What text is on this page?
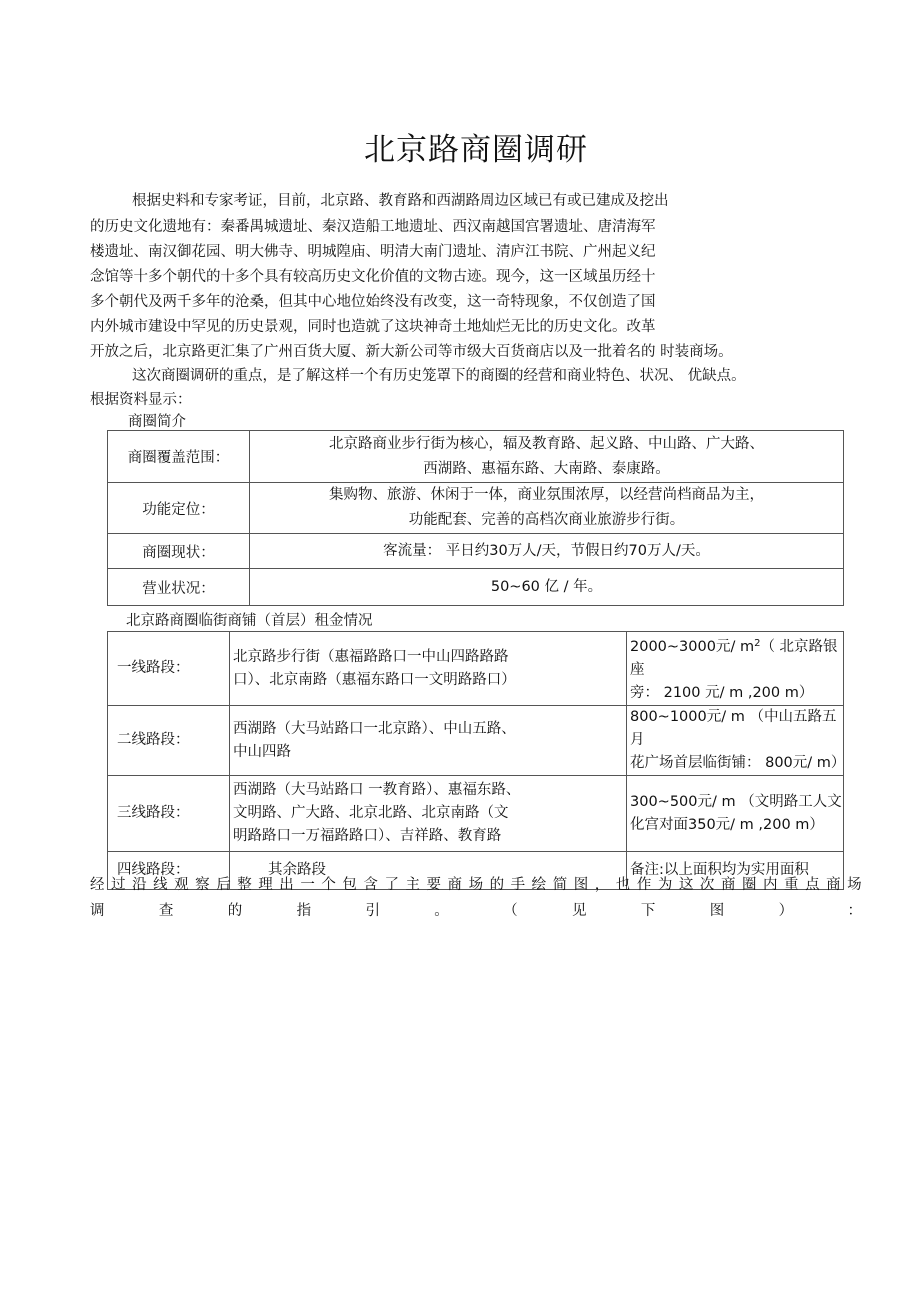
北京路商圈调研

根据史料和专家考证，目前，北京路、教育路和西湖路周边区域已有或已建成及挖出

的历史文化遗地有：秦番禺城遗址、秦汉造船工地遗址、西汉南越国宫署遗址、唐清海军

楼遗址、南汉御花园、明大佛寺、明城隍庙、明清大南门遗址、清庐江书院、广州起义纪

念馆等十多个朝代的十多个具有较高历史文化价值的文物古迹。现今，这一区域虽历经十

多个朝代及两千多年的沧桑，但其中心地位始终没有改变，这一奇特现象，不仅创造了国

内外城市建设中罕见的历史景观，同时也造就了这块神奇土地灿烂无比的历史文化。改革

开放之后，北京路更汇集了广州百货大厦、新大新公司等市级大百货商店以及一批着名的 时装商场。

这次商圈调研的重点，是了解这样一个有历史笼罩下的商圈的经营和商业特色、状况、 优缺点。

根据资料显示：

商圈简介
商圈覆盖范围：	北京路商业步行街为核心，辐及教育路、起义路、中山路、广大路、
西湖路、惠福东路、大南路、泰康路。

功能定位：	集购物、旅游、休闲于一体，商业氛围浓厚，以经营尚档商品为主，
功能配套、完善的高档次商业旅游步行街。

商圈现状：	客流量： 平日约30万人/天，节假日约70万人/天。

营业状况：	50~60 亿 / 年。
北京路商圈临街商铺（首层）租金情况
一线路段：	北京路步行街（惠福路路口一中山四路路路
口）、北京南路（惠福东路口一文明路路口）	2000~3000元/ $m^2$（ 北京路银座
旁： 2100 元/ m ,200 m）

二线路段：	西湖路（大马站路口一北京路）、中山五路、
中山四路	800~1000元/ m （中山五路五月
花广场首层临街铺： 800元/ m）

三线路段：	西湖路（大马站路口 一教育路）、惠福东路、
文明路、广大路、北京北路、北京南路（文
明路路口一万福路路口）、吉祥路、教育路	300~500元/ m （文明路工人文
化宫对面350元/ m ,200 m）

四线路段：	其余路段	备注:以上面积均为实用面积
经 过 沿 线 观 察 后 整 理 出 一 个 包 含 了 主 要 商 场 的 手 绘 简 图 ， 也 作 为 这 次 商 圈 内 重 点 商 场
调	查	的	指	引	。	（	见	下	图	）	：
